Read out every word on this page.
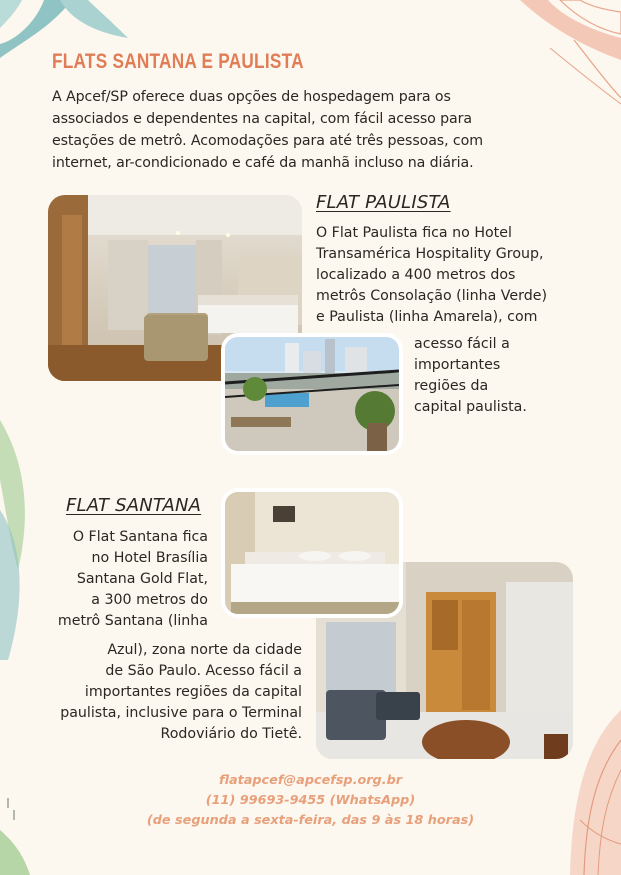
FLATS SANTANA E PAULISTA
A Apcef/SP oferece duas opções de hospedagem para os
associados e dependentes na capital, com fácil acesso para
estações de metrô. Acomodações para até três pessoas, com
internet, ar-condicionado e café da manhã incluso na diária.
FLAT PAULISTA
O Flat Paulista fica no Hotel
Transamérica Hospitality Group,
localizado a 400 metros dos
metrôs Consolação (linha Verde)
e Paulista (linha Amarela), com
acesso fácil a
importantes
regiões da
capital paulista.
FLAT SANTANA
O Flat Santana fica
no Hotel Brasília
Santana Gold Flat,
a 300 metros do
metrô Santana (linha
Azul), zona norte da cidade
de São Paulo. Acesso fácil a
importantes regiões da capital
paulista, inclusive para o Terminal
Rodoviário do Tietê.
flatapcef@apcefsp.org.br
(11) 99693-9455 (WhatsApp)
(de segunda a sexta-feira, das 9 às 18 horas)
